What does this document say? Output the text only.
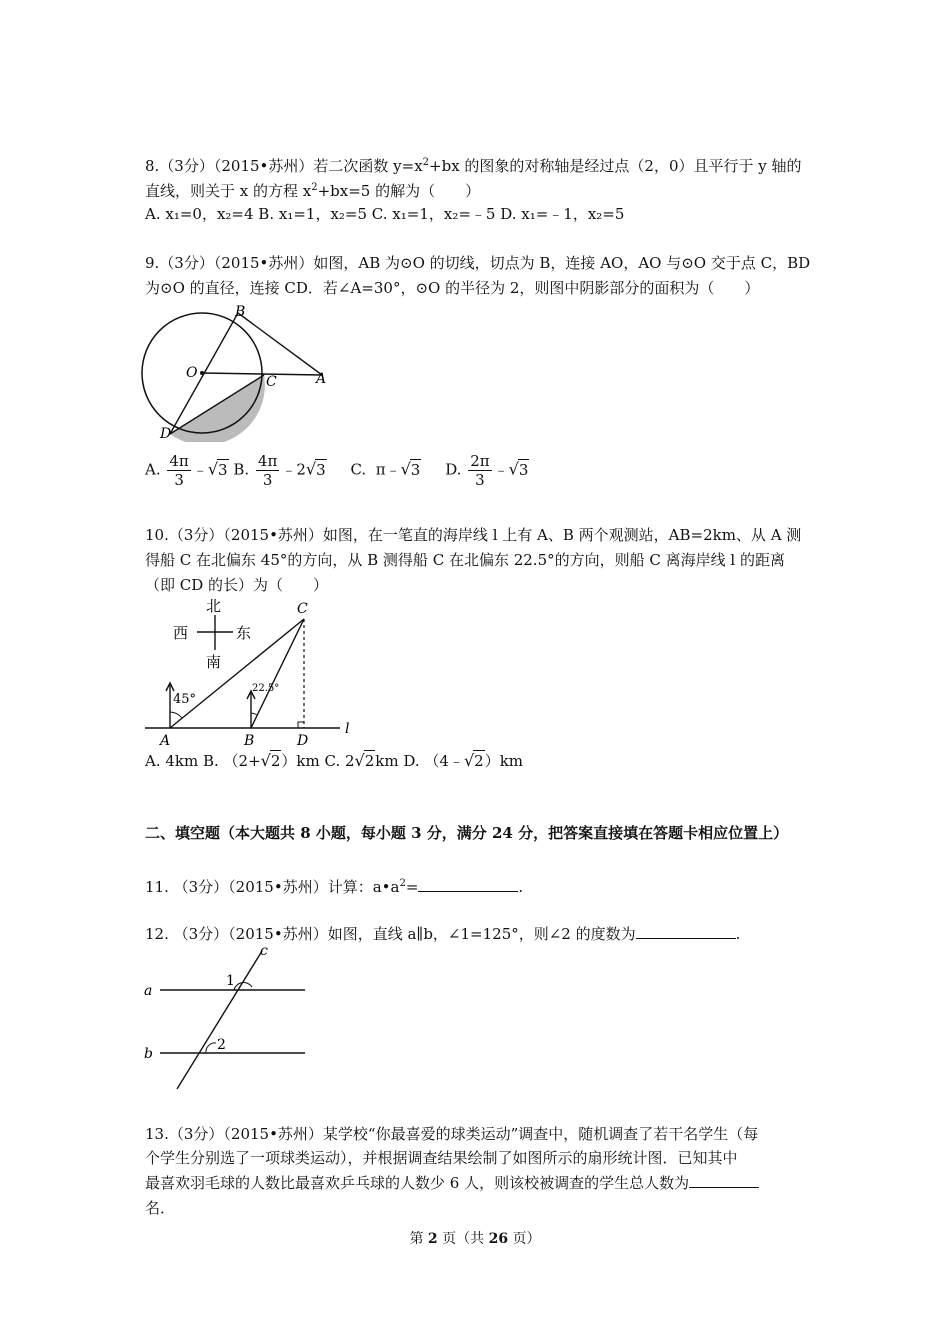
8.（3分）（2015•苏州）若二次函数 $y=x^2+bx$ 的图象的对称轴是经过点（2，0）且平行于 y 轴的
直线，则关于 x 的方程 $x^2+bx=5$ 的解为（　　）
A. x₁=0，x₂=4 B. x₁=1，x₂=5 C. x₁=1，x₂=﹣5 D. x₁=﹣1，x₂=5
9.（3分）（2015•苏州）如图，AB 为⊙O 的切线，切点为 B，连接 AO，AO 与⊙O 交于点 C，BD
为⊙O 的直径，连接 CD．若∠A=30°，⊙O 的半径为 2，则图中阴影部分的面积为（　　）
B
O
C	A
D
A. $\frac{4\pi}{3}$ ﹣√3 B. $\frac{4\pi}{3}$ ﹣2√3 C. π﹣√3 D. $\frac{2\pi}{3}$ ﹣√3
10.（3分）（2015•苏州）如图，在一笔直的海岸线 l 上有 A、B 两个观测站，AB=2km、从 A 测
得船 C 在北偏东 45°的方向，从 B 测得船 C 在北偏东 22.5°的方向，则船 C 离海岸线 l 的距离
（即 CD 的长）为（　　）
北
南
西	东
l
45°
22.5°
C
A	B	D
A. 4km B. （2+√2）km C. 2√2km D. （4﹣√2）km
二、填空题（本大题共 8 小题，每小题 3 分，满分 24 分，把答案直接填在答题卡相应位置上）
11. （3分）（2015•苏州）计算：$a•a^2=$	.
12. （3分）（2015•苏州）如图，直线 a∥b，∠1=125°，则∠2 的度数为	.
c
a
b
1
2
13.（3分）（2015•苏州）某学校“你最喜爱的球类运动”调查中，随机调查了若干名学生（每
个学生分别选了一项球类运动），并根据调查结果绘制了如图所示的扇形统计图．已知其中
最喜欢羽毛球的人数比最喜欢乒乓球的人数少 6 人，则该校被调查的学生总人数为
名．
第 2 页（共 26 页）
